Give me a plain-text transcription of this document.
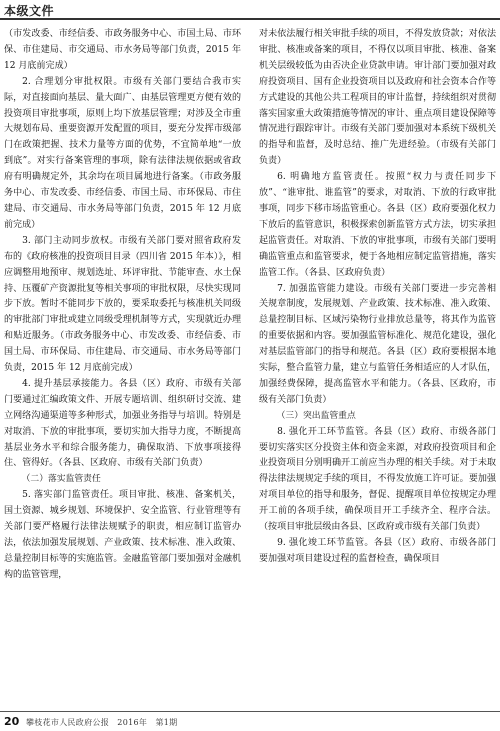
本级文件

（市发改委、市经信委、市政务服务中心、市国土局、市环保、市住建局、市交通局、市水务局等部门负责，2015 年 12 月底前完成）

2. 合理划分审批权限。市级有关部门要结合我市实际，对直接面向基层、量大面广、由基层管理更方便有效的投资项目审批事项，原则上均下放基层管理；对涉及全市重大规划布局、重要资源开发配置的项目，要充分发挥市级部门在政策把握、技术力量等方面的优势，不宜简单地“一放到底”。对实行备案管理的事项，除有法律法规依据或省政府有明确规定外，其余均在项目属地进行备案。（市政务服务中心、市发改委、市经信委、市国土局、市环保局、市住建局、市交通局、市水务局等部门负责，2015 年 12 月底前完成）

3. 部门主动同步放权。市级有关部门要对照省政府发布的《政府核准的投资项目目录（四川省 2015 年本）》，相应调整用地预审、规划选址、环评审批、节能审查、水土保持、压覆矿产资源批复等相关事项的审批权限，尽快实现同步下放。暂时不能同步下放的，要采取委托与核准机关同级的审批部门审批或建立同级受理机制等方式，实现就近办理和贴近服务。（市政务服务中心、市发改委、市经信委、市国土局、市环保局、市住建局、市交通局、市水务局等部门负责，2015 年 12 月底前完成）

4. 提升基层承接能力。各县（区）政府、市级有关部门要通过汇编政策文件、开展专题培训、组织研讨交流、建立网络沟通渠道等多种形式，加强业务指导与培训。特别是对取消、下放的审批事项，要切实加大指导力度，不断提高基层业务水平和综合服务能力，确保取消、下放事项接得住、管得好。（各县、区政府、市级有关部门负责）

（二）落实监管责任

5. 落实部门监管责任。项目审批、核准、备案机关，国土资源、城乡规划、环境保护、安全监管、行业管理等有关部门要严格履行法律法规赋予的职责，相应制订监管办法，依法加强发展规划、产业政策、技术标准、准入政策、总量控制目标等的实施监管。金融监管部门要加强对金融机构的监管管理，

对未依法履行相关审批手续的项目，不得发放贷款；对依法审批、核准或备案的项目，不得仅以项目审批、核准、备案机关层级较低为由否决企业贷款申请。审计部门要加强对政府投资项目、国有企业投资项目以及政府和社会资本合作等方式建设的其他公共工程项目的审计监督，持续组织对贯彻落实国家重大政策措施等情况的审计、重点项目建设保障等情况进行跟踪审计。市级有关部门要加强对本系统下级机关的指导和监督，及时总结、推广先进经验。（市级有关部门负责）

6. 明确地方监管责任。按照“权力与责任同步下放”、“谁审批、谁监管”的要求，对取消、下放的行政审批事项，同步下移市场监管重心。各县（区）政府要强化权力下放后的监管意识，积极探索创新监管方式方法，切实承担起监管责任。对取消、下放的审批事项，市级有关部门要明确监管重点和监管要求，便于各地相应制定监管措施，落实监管工作。（各县、区政府负责）

7. 加强监管能力建设。市级有关部门要进一步完善相关规章制度，发展规划、产业政策、技术标准、准入政策、总量控制目标、区域污染物行业排放总量等，将其作为监管的重要依据和内容。要加强监管标准化、规范化建设，强化对基层监管部门的指导和规范。各县（区）政府要根据本地实际，整合监管力量，建立与监管任务相适应的人才队伍，加强经费保障，提高监管水平和能力。（各县、区政府，市级有关部门负责）

（三）突出监管重点

8. 强化开工环节监管。各县（区）政府、市级各部门要切实落实区分投资主体和资金来源，对政府投资项目和企业投资项目分别明确开工前应当办理的相关手续。对于未取得法律法规规定手续的项目，不得发放施工许可证。要加强对项目单位的指导和服务，督促、提醒项目单位按规定办理开工前的各项手续，确保项目开工手续齐全、程序合法。（按项目审批层级由各县、区政府或市级有关部门负责）

9. 强化竣工环节监管。各县（区）政府、市级各部门要加强对项目建设过程的监督检查，确保项目

20 攀枝花市人民政府公报　2016年　第1期
